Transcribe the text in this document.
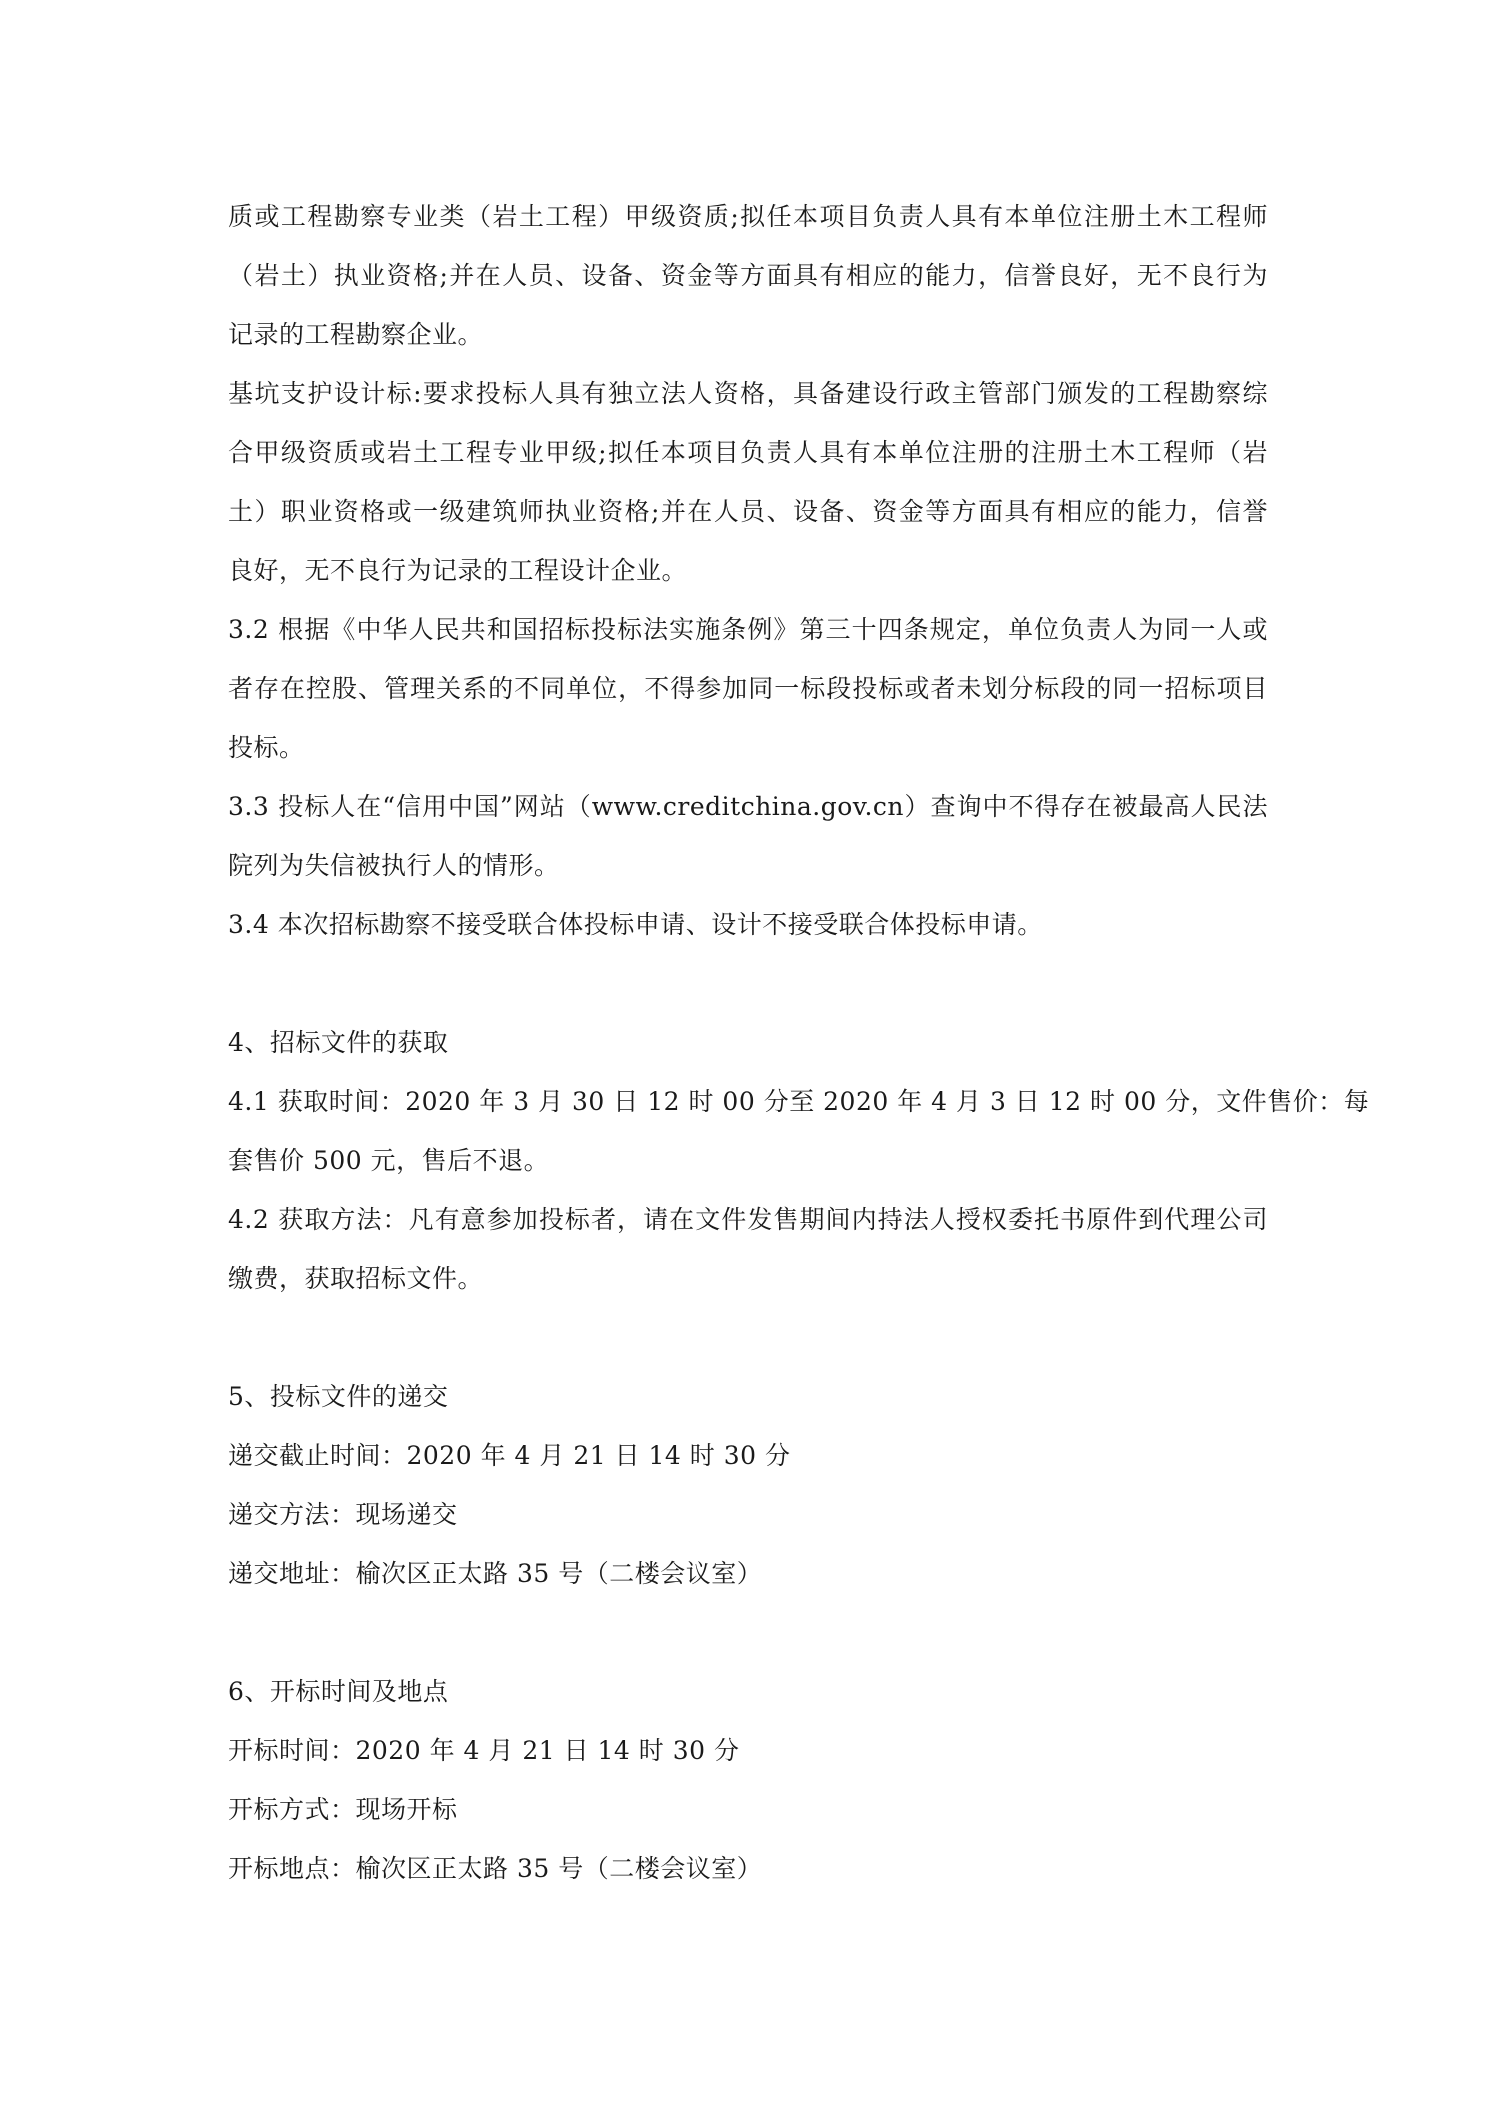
质或工程勘察专业类（岩土工程）甲级资质;拟任本项目负责人具有本单位注册土木工程师
（岩土）执业资格;并在人员、设备、资金等方面具有相应的能力，信誉良好，无不良行为
记录的工程勘察企业。
基坑支护设计标:要求投标人具有独立法人资格，具备建设行政主管部门颁发的工程勘察综
合甲级资质或岩土工程专业甲级;拟任本项目负责人具有本单位注册的注册土木工程师（岩
土）职业资格或一级建筑师执业资格;并在人员、设备、资金等方面具有相应的能力，信誉
良好，无不良行为记录的工程设计企业。
3.2 根据《中华人民共和国招标投标法实施条例》第三十四条规定，单位负责人为同一人或
者存在控股、管理关系的不同单位，不得参加同一标段投标或者未划分标段的同一招标项目
投标。
3.3 投标人在“信用中国”网站（www.creditchina.gov.cn）查询中不得存在被最高人民法
院列为失信被执行人的情形。
3.4 本次招标勘察不接受联合体投标申请、设计不接受联合体投标申请。
4、招标文件的获取
4.1 获取时间：2020 年 3 月 30 日 12 时 00 分至 2020 年 4 月 3 日 12 时 00 分，文件售价：每
套售价 500 元，售后不退。
4.2 获取方法：凡有意参加投标者，请在文件发售期间内持法人授权委托书原件到代理公司
缴费，获取招标文件。
5、投标文件的递交
递交截止时间：2020 年 4 月 21 日 14 时 30 分
递交方法：现场递交
递交地址：榆次区正太路 35 号（二楼会议室）
6、开标时间及地点
开标时间：2020 年 4 月 21 日 14 时 30 分
开标方式：现场开标
开标地点：榆次区正太路 35 号（二楼会议室）
